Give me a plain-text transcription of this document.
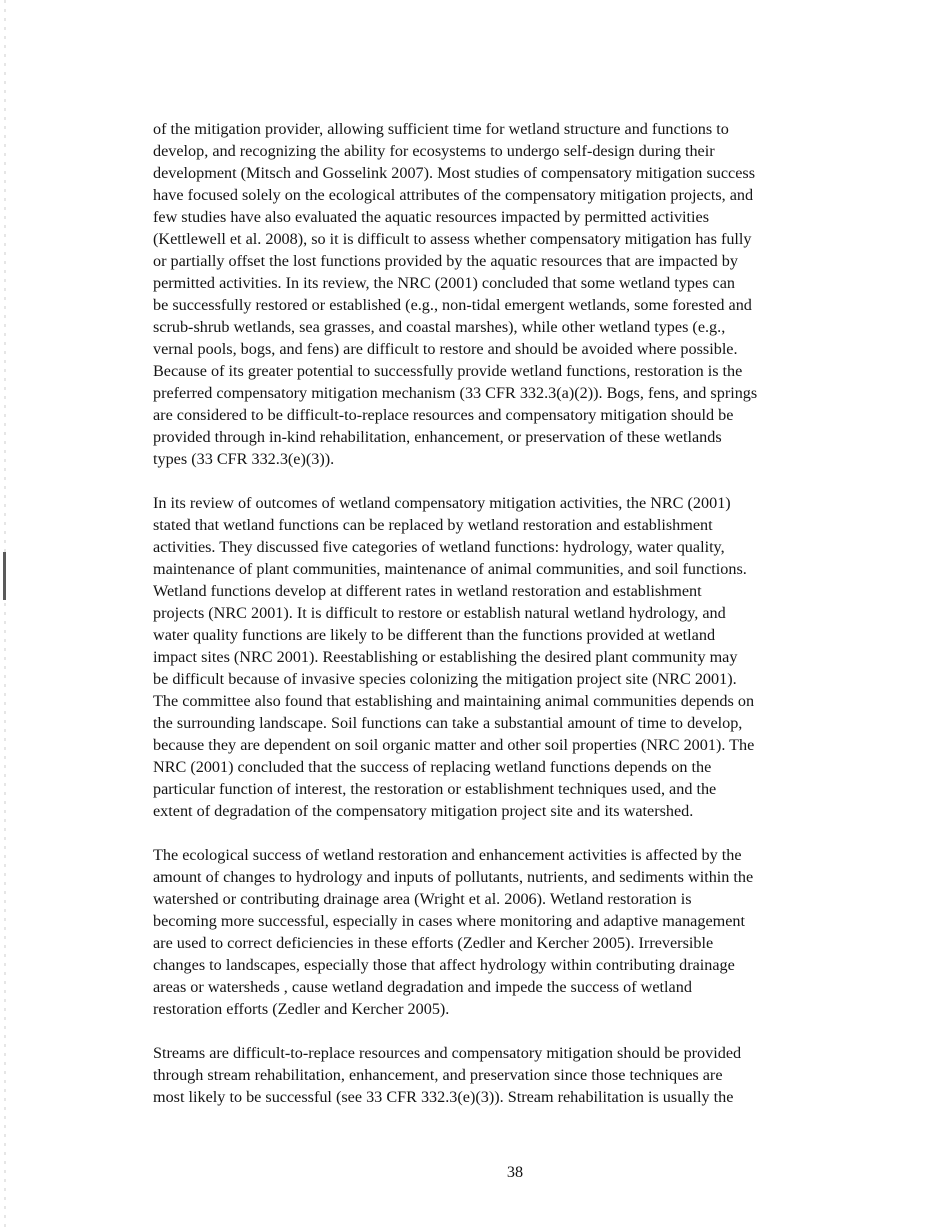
of the mitigation provider, allowing sufficient time for wetland structure and functions to
develop, and recognizing the ability for ecosystems to undergo self-design during their
development (Mitsch and Gosselink 2007). Most studies of compensatory mitigation success
have focused solely on the ecological attributes of the compensatory mitigation projects, and
few studies have also evaluated the aquatic resources impacted by permitted activities
(Kettlewell et al. 2008), so it is difficult to assess whether compensatory mitigation has fully
or partially offset the lost functions provided by the aquatic resources that are impacted by
permitted activities. In its review, the NRC (2001) concluded that some wetland types can
be successfully restored or established (e.g., non-tidal emergent wetlands, some forested and
scrub-shrub wetlands, sea grasses, and coastal marshes), while other wetland types (e.g.,
vernal pools, bogs, and fens) are difficult to restore and should be avoided where possible.
Because of its greater potential to successfully provide wetland functions, restoration is the
preferred compensatory mitigation mechanism (33 CFR 332.3(a)(2)). Bogs, fens, and springs
are considered to be difficult-to-replace resources and compensatory mitigation should be
provided through in-kind rehabilitation, enhancement, or preservation of these wetlands
types (33 CFR 332.3(e)(3)).

In its review of outcomes of wetland compensatory mitigation activities, the NRC (2001)
stated that wetland functions can be replaced by wetland restoration and establishment
activities. They discussed five categories of wetland functions: hydrology, water quality,
maintenance of plant communities, maintenance of animal communities, and soil functions.
Wetland functions develop at different rates in wetland restoration and establishment
projects (NRC 2001). It is difficult to restore or establish natural wetland hydrology, and
water quality functions are likely to be different than the functions provided at wetland
impact sites (NRC 2001). Reestablishing or establishing the desired plant community may
be difficult because of invasive species colonizing the mitigation project site (NRC 2001).
The committee also found that establishing and maintaining animal communities depends on
the surrounding landscape. Soil functions can take a substantial amount of time to develop,
because they are dependent on soil organic matter and other soil properties (NRC 2001). The
NRC (2001) concluded that the success of replacing wetland functions depends on the
particular function of interest, the restoration or establishment techniques used, and the
extent of degradation of the compensatory mitigation project site and its watershed.

The ecological success of wetland restoration and enhancement activities is affected by the
amount of changes to hydrology and inputs of pollutants, nutrients, and sediments within the
watershed or contributing drainage area (Wright et al. 2006). Wetland restoration is
becoming more successful, especially in cases where monitoring and adaptive management
are used to correct deficiencies in these efforts (Zedler and Kercher 2005). Irreversible
changes to landscapes, especially those that affect hydrology within contributing drainage
areas or watersheds , cause wetland degradation and impede the success of wetland
restoration efforts (Zedler and Kercher 2005).

Streams are difficult-to-replace resources and compensatory mitigation should be provided
through stream rehabilitation, enhancement, and preservation since those techniques are
most likely to be successful (see 33 CFR 332.3(e)(3)). Stream rehabilitation is usually the

38
